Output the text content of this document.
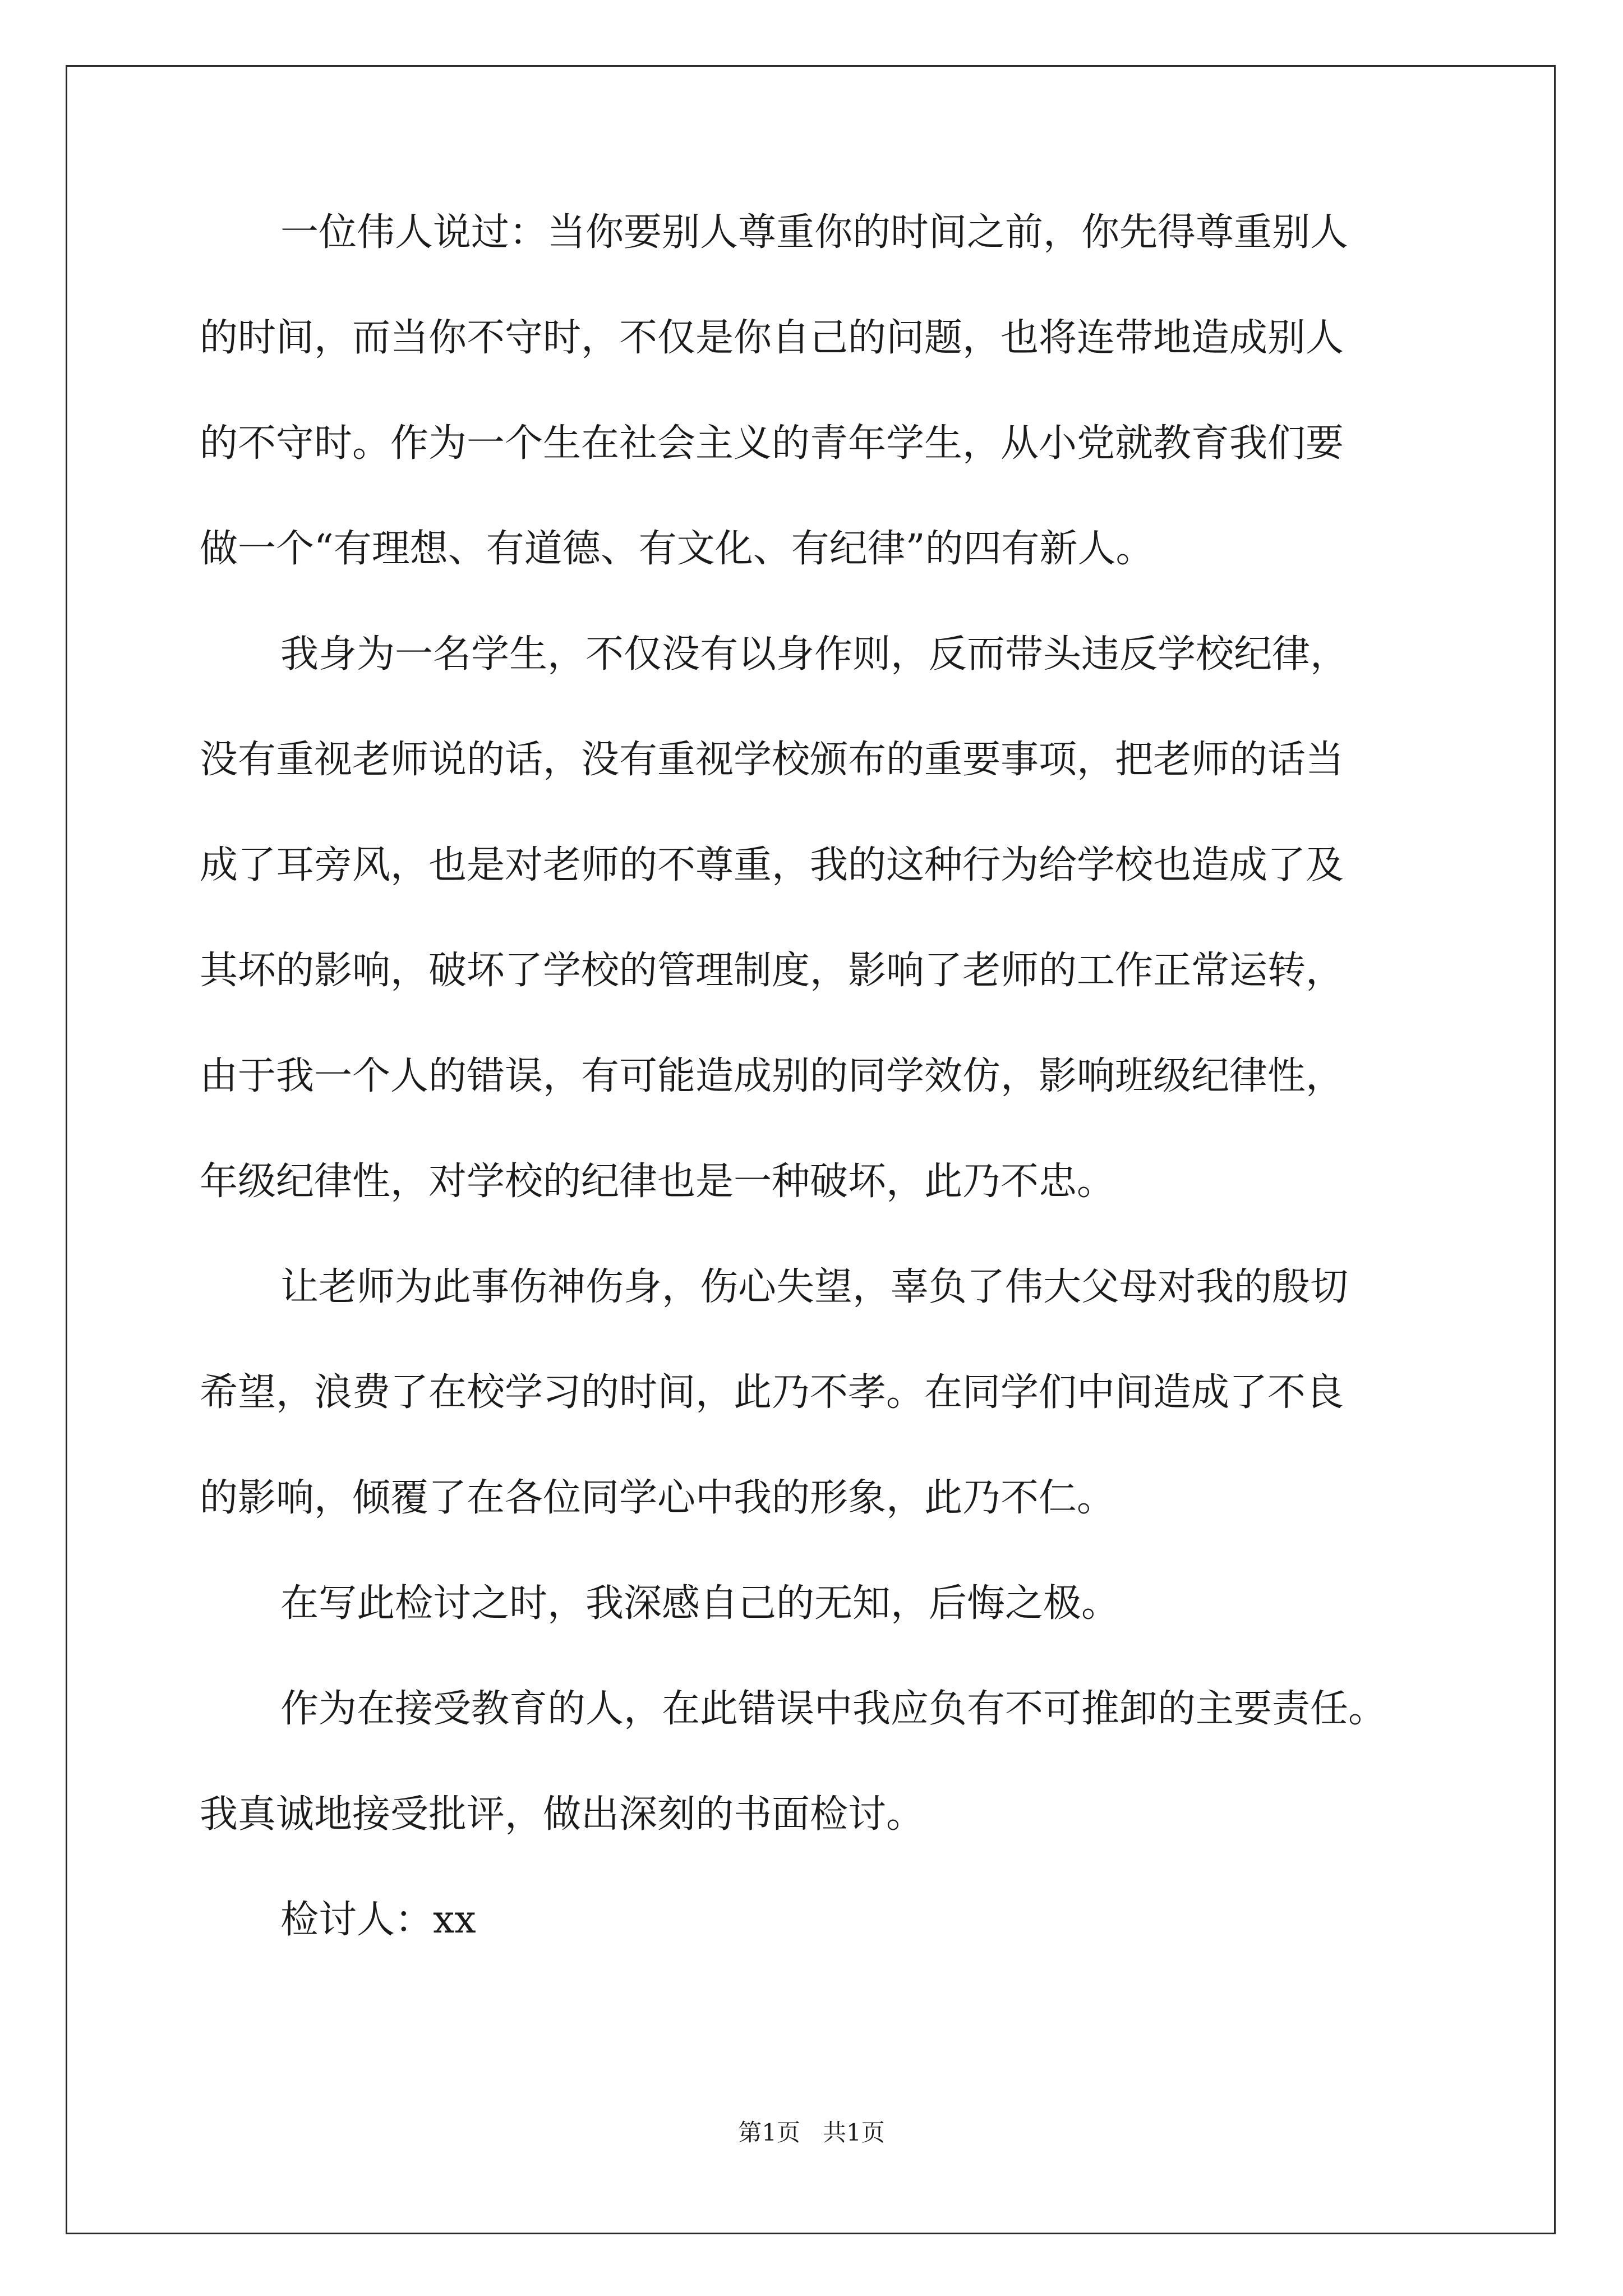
一位伟人说过：当你要别人尊重你的时间之前，你先得尊重别人
的时间，而当你不守时，不仅是你自己的问题，也将连带地造成别人
的不守时。作为一个生在社会主义的青年学生，从小党就教育我们要
做一个“有理想、有道德、有文化、有纪律”的四有新人。
我身为一名学生，不仅没有以身作则，反而带头违反学校纪律，
没有重视老师说的话，没有重视学校颁布的重要事项，把老师的话当
成了耳旁风，也是对老师的不尊重，我的这种行为给学校也造成了及
其坏的影响，破坏了学校的管理制度，影响了老师的工作正常运转，
由于我一个人的错误，有可能造成别的同学效仿，影响班级纪律性，
年级纪律性，对学校的纪律也是一种破坏，此乃不忠。
让老师为此事伤神伤身，伤心失望，辜负了伟大父母对我的殷切
希望，浪费了在校学习的时间，此乃不孝。在同学们中间造成了不良
的影响，倾覆了在各位同学心中我的形象，此乃不仁。
在写此检讨之时，我深感自己的无知，后悔之极。
作为在接受教育的人，在此错误中我应负有不可推卸的主要责任。
我真诚地接受批评，做出深刻的书面检讨。
检讨人：xx
第1页 共1页
